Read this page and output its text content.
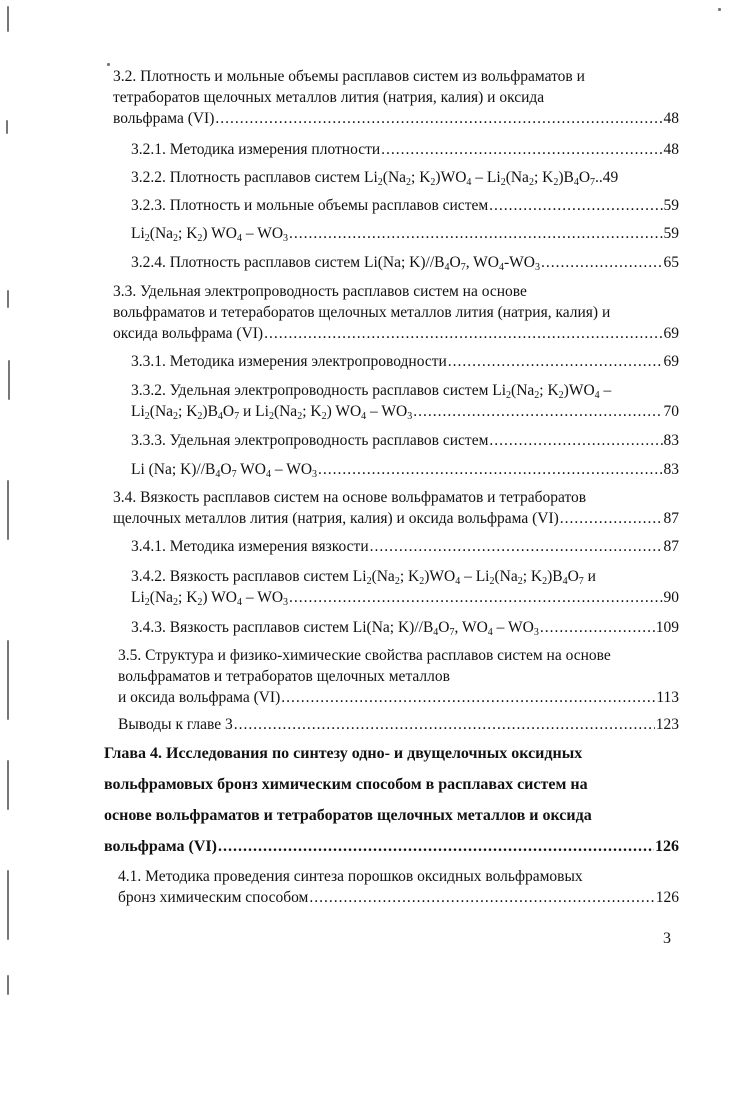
3.2. Плотность и мольные объемы расплавов систем из вольфраматов и
тетраборатов щелочных металлов лития (натрия, калия) и оксида
вольфрама (VI) .....	48
3.2.1. Методика измерения плотности .....	48
3.2.2. Плотность расплавов систем $Li_2(Na_2$; $K_2)WO_4 - Li_2(Na_2$; $K_2)B_4O_7$.. 49
3.2.3. Плотность и мольные объемы расплавов систем .....	59
$Li_2(Na_2$; $K_2$) $WO_4 - WO_3$ .....	59
3.2.4. Плотность расплавов систем Li(Na; $K)//B_4O_7$, $WO_4-WO_3$ .....	65
3.3. Удельная электропроводность расплавов систем на основе
вольфраматов и тетераборатов щелочных металлов лития (натрия, калия) и
оксида вольфрама (VI) .....	69
3.3.1. Методика измерения электропроводности .....	69
3.3.2. Удельная электропроводность расплавов систем $Li_2(Na_2$; $K_2)WO_4$ –
$Li_2(Na_2$; $K_2)B_4O_7$ и $Li_2(Na_2$; $K_2$) $WO_4 - WO_3$ .....	70
3.3.3. Удельная электропроводность расплавов систем .....	83
Li (Na; $K)//B_4O_7$ $WO_4 - WO_3$ .....	83
3.4. Вязкость расплавов систем на основе вольфраматов и тетраборатов
щелочных металлов лития (натрия, калия) и оксида вольфрама (VI) .....	87
3.4.1. Методика измерения вязкости .....	87
3.4.2. Вязкость расплавов систем $Li_2(Na_2$; $K_2)WO_4 - Li_2(Na_2$; $K_2)B_4O_7$ и
$Li_2(Na_2$; $K_2$) $WO_4 - WO_3$ .....	90
3.4.3. Вязкость расплавов систем Li(Na; $K)//B_4O_7$, $WO_4 - WO_3$ .....	109
3.5. Структура и физико-химические свойства расплавов систем на основе
вольфраматов и тетраборатов щелочных металлов
и оксида вольфрама (VI) .....	113
Выводы к главе 3 .....	123
Глава 4. Исследования по синтезу одно- и двущелочных оксидных
вольфрамовых бронз химическим способом в расплавах систем на
основе вольфраматов и тетраборатов щелочных металлов и оксида
вольфрама (VI) .....	126
4.1. Методика проведения синтеза порошков оксидных вольфрамовых
бронз химическим способом .....	126
3
